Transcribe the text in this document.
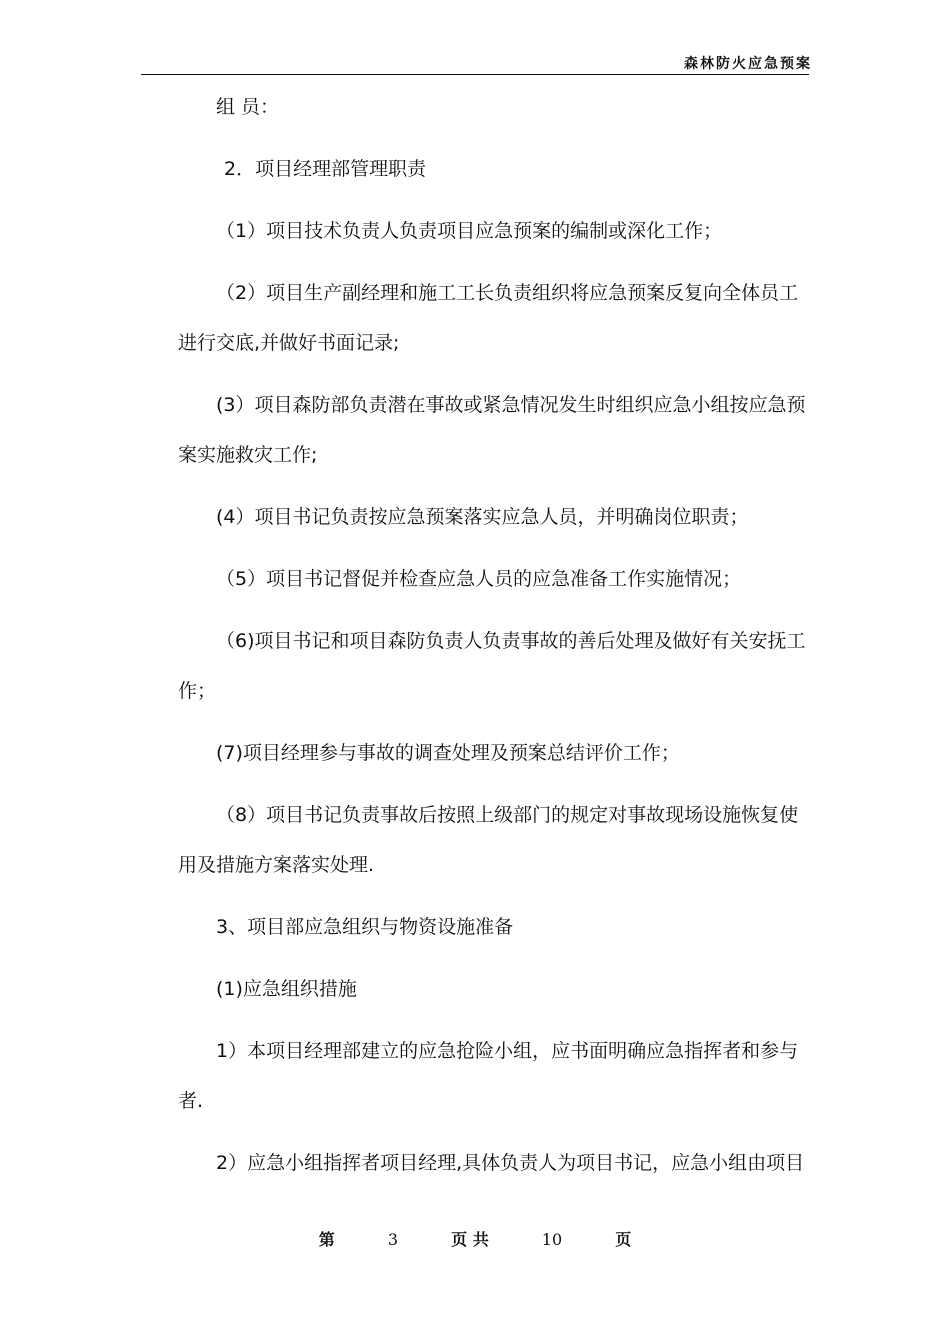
森林防火应急预案

组 员：

2．项目经理部管理职责

（1）项目技术负责人负责项目应急预案的编制或深化工作；

（2）项目生产副经理和施工工长负责组织将应急预案反复向全体员工进行交底,并做好书面记录;

(3）项目森防部负责潜在事故或紧急情况发生时组织应急小组按应急预案实施救灾工作;

(4）项目书记负责按应急预案落实应急人员，并明确岗位职责；

（5）项目书记督促并检查应急人员的应急准备工作实施情况；

（6)项目书记和项目森防负责人负责事故的善后处理及做好有关安抚工作；

(7)项目经理参与事故的调查处理及预案总结评价工作；

（8）项目书记负责事故后按照上级部门的规定对事故现场设施恢复使用及措施方案落实处理.

3、项目部应急组织与物资设施准备

(1)应急组织措施

1）本项目经理部建立的应急抢险小组，应书面明确应急指挥者和参与者.

2）应急小组指挥者项目经理,具体负责人为项目书记，应急小组由项目

第	3	页 共	10	页
